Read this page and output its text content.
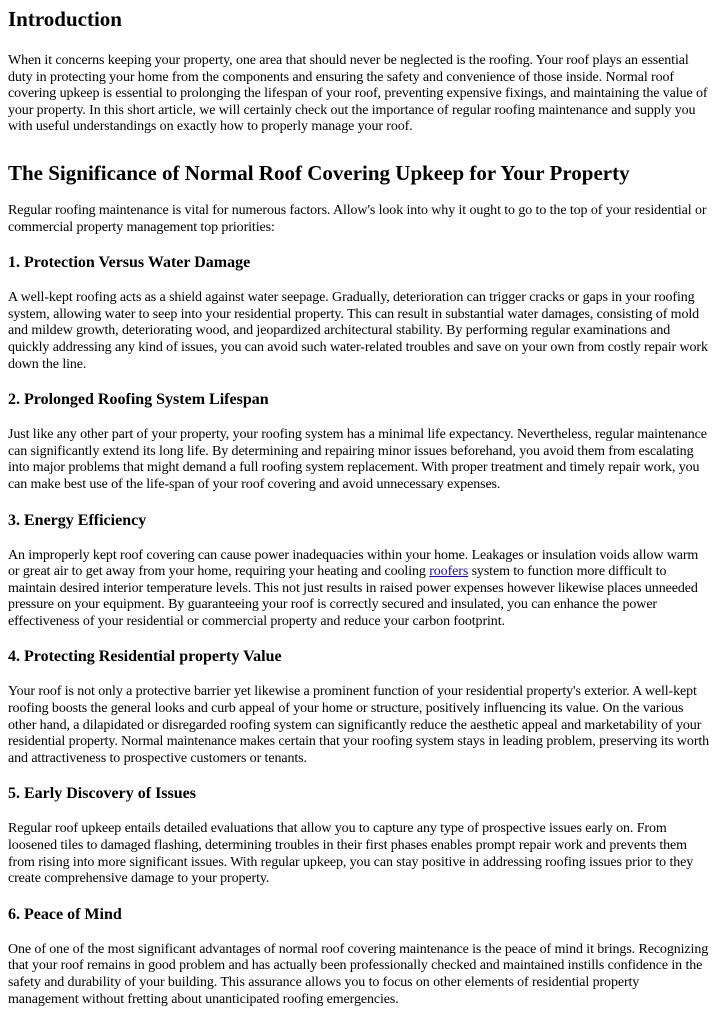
Introduction

When it concerns keeping your property, one area that should never be neglected is the roofing. Your roof plays an essential duty in protecting your home from the components and ensuring the safety and convenience of those inside. Normal roof covering upkeep is essential to prolonging the lifespan of your roof, preventing expensive fixings, and maintaining the value of your property. In this short article, we will certainly check out the importance of regular roofing maintenance and supply you with useful understandings on exactly how to properly manage your roof.

The Significance of Normal Roof Covering Upkeep for Your Property

Regular roofing maintenance is vital for numerous factors. Allow's look into why it ought to go to the top of your residential or commercial property management top priorities:

1. Protection Versus Water Damage

A well-kept roofing acts as a shield against water seepage. Gradually, deterioration can trigger cracks or gaps in your roofing system, allowing water to seep into your residential property. This can result in substantial water damages, consisting of mold and mildew growth, deteriorating wood, and jeopardized architectural stability. By performing regular examinations and quickly addressing any kind of issues, you can avoid such water-related troubles and save on your own from costly repair work down the line.

2. Prolonged Roofing System Lifespan

Just like any other part of your property, your roofing system has a minimal life expectancy. Nevertheless, regular maintenance can significantly extend its long life. By determining and repairing minor issues beforehand, you avoid them from escalating into major problems that might demand a full roofing system replacement. With proper treatment and timely repair work, you can make best use of the life-span of your roof covering and avoid unnecessary expenses.

3. Energy Efficiency

An improperly kept roof covering can cause power inadequacies within your home. Leakages or insulation voids allow warm or great air to get away from your home, requiring your heating and cooling roofers system to function more difficult to maintain desired interior temperature levels. This not just results in raised power expenses however likewise places unneeded pressure on your equipment. By guaranteeing your roof is correctly secured and insulated, you can enhance the power effectiveness of your residential or commercial property and reduce your carbon footprint.

4. Protecting Residential property Value

Your roof is not only a protective barrier yet likewise a prominent function of your residential property's exterior. A well-kept roofing boosts the general looks and curb appeal of your home or structure, positively influencing its value. On the various other hand, a dilapidated or disregarded roofing system can significantly reduce the aesthetic appeal and marketability of your residential property. Normal maintenance makes certain that your roofing system stays in leading problem, preserving its worth and attractiveness to prospective customers or tenants.

5. Early Discovery of Issues

Regular roof upkeep entails detailed evaluations that allow you to capture any type of prospective issues early on. From loosened tiles to damaged flashing, determining troubles in their first phases enables prompt repair work and prevents them from rising into more significant issues. With regular upkeep, you can stay positive in addressing roofing issues prior to they create comprehensive damage to your property.

6. Peace of Mind

One of one of the most significant advantages of normal roof covering maintenance is the peace of mind it brings. Recognizing that your roof remains in good problem and has actually been professionally checked and maintained instills confidence in the safety and durability of your building. This assurance allows you to focus on other elements of residential property management without fretting about unanticipated roofing emergencies.
